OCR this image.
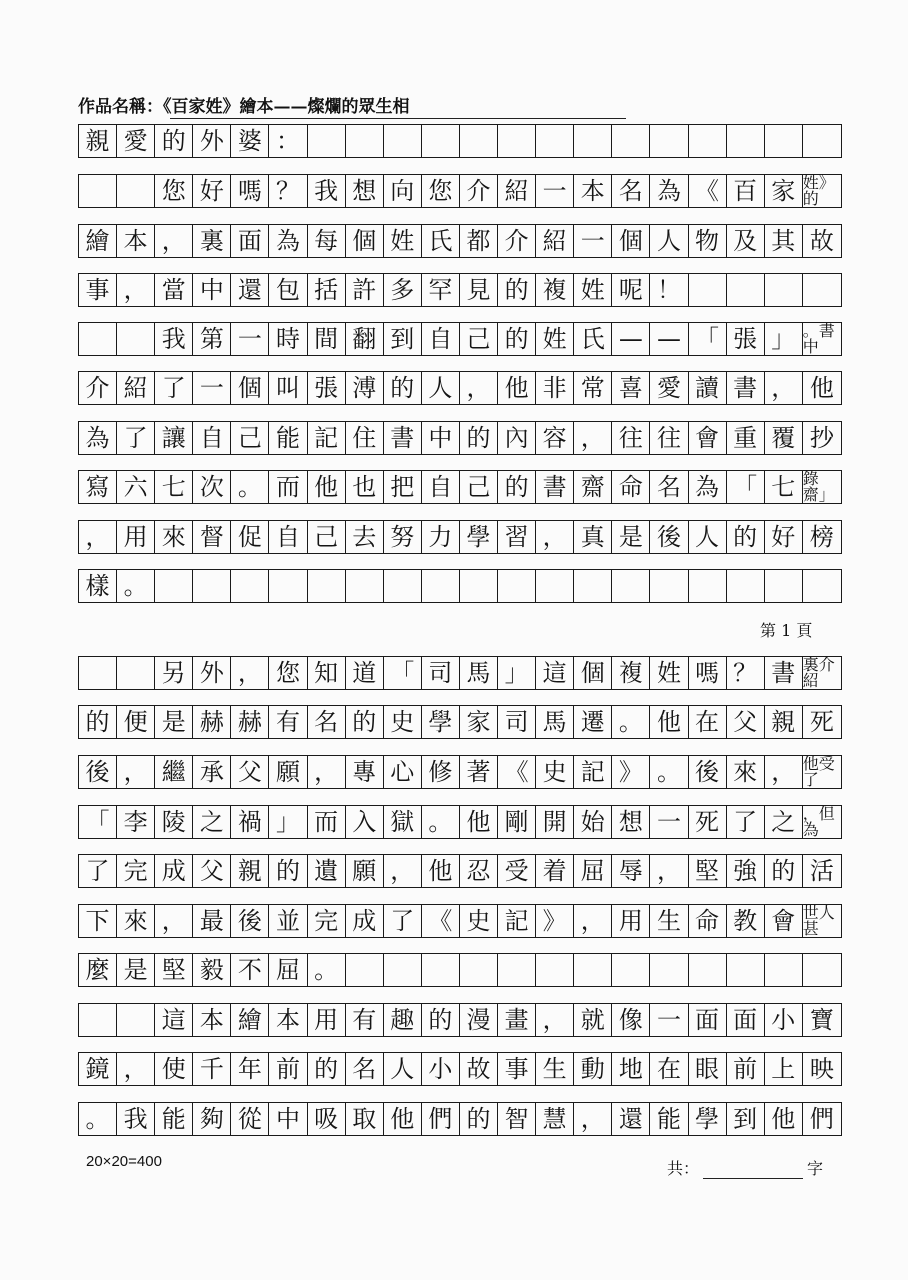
作品名稱：《百家姓》繪本——燦爛的眾生相
親 愛 的 外 婆 ：
您 好 嗎 ？ 我 想 向 您 介 紹 一 本 名 為 《 百 家 姓》的
繪 本 ， 裏 面 為 每 個 姓 氏 都 介 紹 一 個 人 物 及 其 故
事 ， 當 中 還 包 括 許 多 罕 見 的 複 姓 呢 ！
我 第 一 時 間 翻 到 自 己 的 姓 氏 — — 「 張 」 。書中
介 紹 了 一 個 叫 張 溥 的 人 ， 他 非 常 喜 愛 讀 書 ， 他
為 了 讓 自 己 能 記 住 書 中 的 內 容 ， 往 往 會 重 覆 抄
寫 六 七 次 。 而 他 也 把 自 己 的 書 齋 命 名 為 「 七 錄齋」
， 用 來 督 促 自 己 去 努 力 學 習 ， 真 是 後 人 的 好 榜
樣 。
另 外 ， 您 知 道 「 司 馬 」 這 個 複 姓 嗎 ？ 書 裏介紹
的 便 是 赫 赫 有 名 的 史 學 家 司 馬 遷 。 他 在 父 親 死
後 ， 繼 承 父 願 ， 專 心 修 著 《 史 記 》 。 後 來 ， 他受了
「 李 陵 之 禍 」 而 入 獄 。 他 剛 開 始 想 一 死 了 之 ，但為
了 完 成 父 親 的 遺 願 ， 他 忍 受 着 屈 辱 ， 堅 強 的 活
下 來 ， 最 後 並 完 成 了 《 史 記 》 ， 用 生 命 教 會 世人甚
麼 是 堅 毅 不 屈 。
這 本 繪 本 用 有 趣 的 漫 畫 ， 就 像 一 面 面 小 寶
鏡 ， 使 千 年 前 的 名 人 小 故 事 生 動 地 在 眼 前 上 映
。 我 能 夠 從 中 吸 取 他 們 的 智 慧 ， 還 能 學 到 他 們
第 1 頁
20×20=400	共：	字
